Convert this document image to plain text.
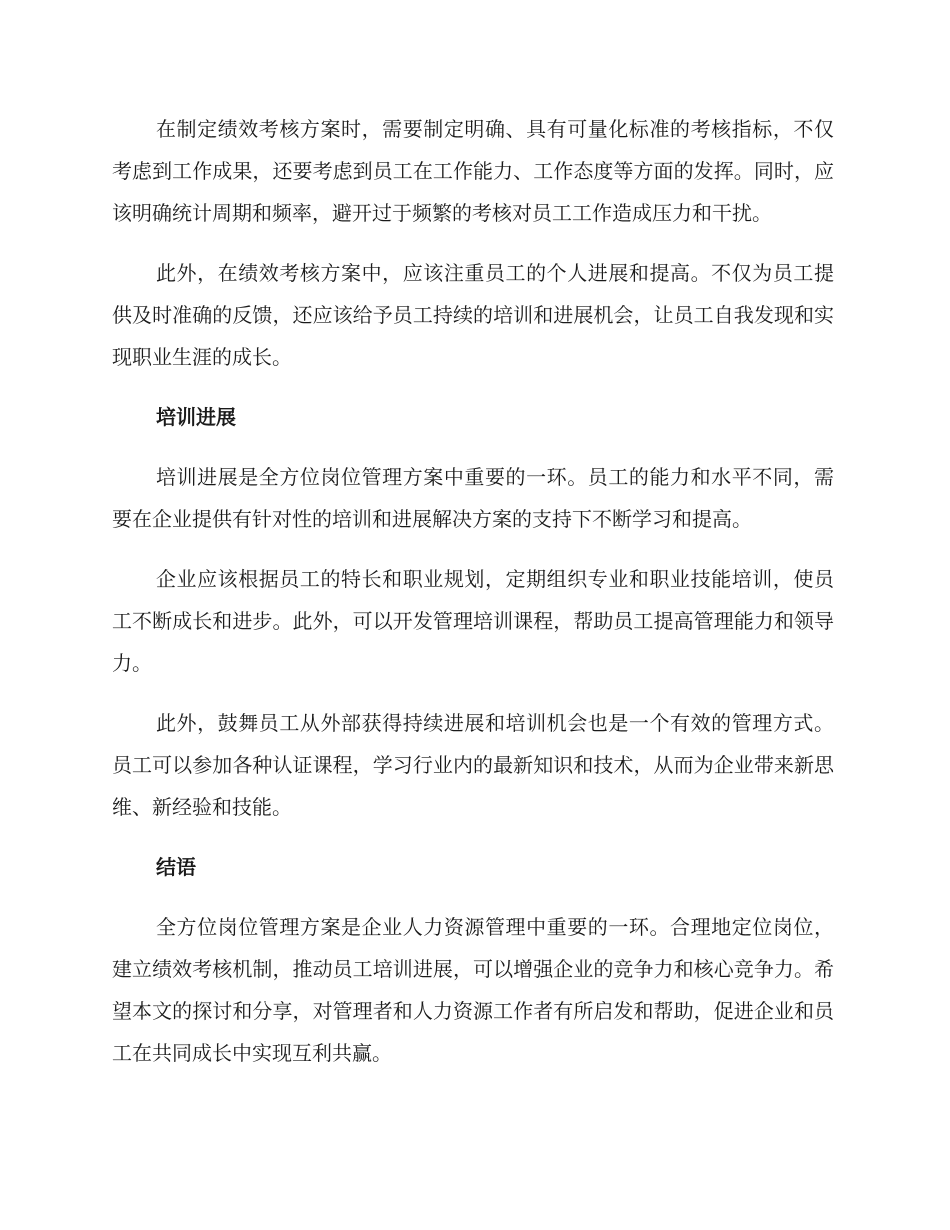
在制定绩效考核方案时，需要制定明确、具有可量化标准的考核指标，不仅考虑到工作成果，还要考虑到员工在工作能力、工作态度等方面的发挥。同时，应该明确统计周期和频率，避开过于频繁的考核对员工工作造成压力和干扰。

此外，在绩效考核方案中，应该注重员工的个人进展和提高。不仅为员工提供及时准确的反馈，还应该给予员工持续的培训和进展机会，让员工自我发现和实现职业生涯的成长。

培训进展

培训进展是全方位岗位管理方案中重要的一环。员工的能力和水平不同，需要在企业提供有针对性的培训和进展解决方案的支持下不断学习和提高。

企业应该根据员工的特长和职业规划，定期组织专业和职业技能培训，使员工不断成长和进步。此外，可以开发管理培训课程，帮助员工提高管理能力和领导力。

此外，鼓舞员工从外部获得持续进展和培训机会也是一个有效的管理方式。员工可以参加各种认证课程，学习行业内的最新知识和技术，从而为企业带来新思维、新经验和技能。

结语

全方位岗位管理方案是企业人力资源管理中重要的一环。合理地定位岗位，建立绩效考核机制，推动员工培训进展，可以增强企业的竞争力和核心竞争力。希望本文的探讨和分享，对管理者和人力资源工作者有所启发和帮助，促进企业和员工在共同成长中实现互利共赢。
